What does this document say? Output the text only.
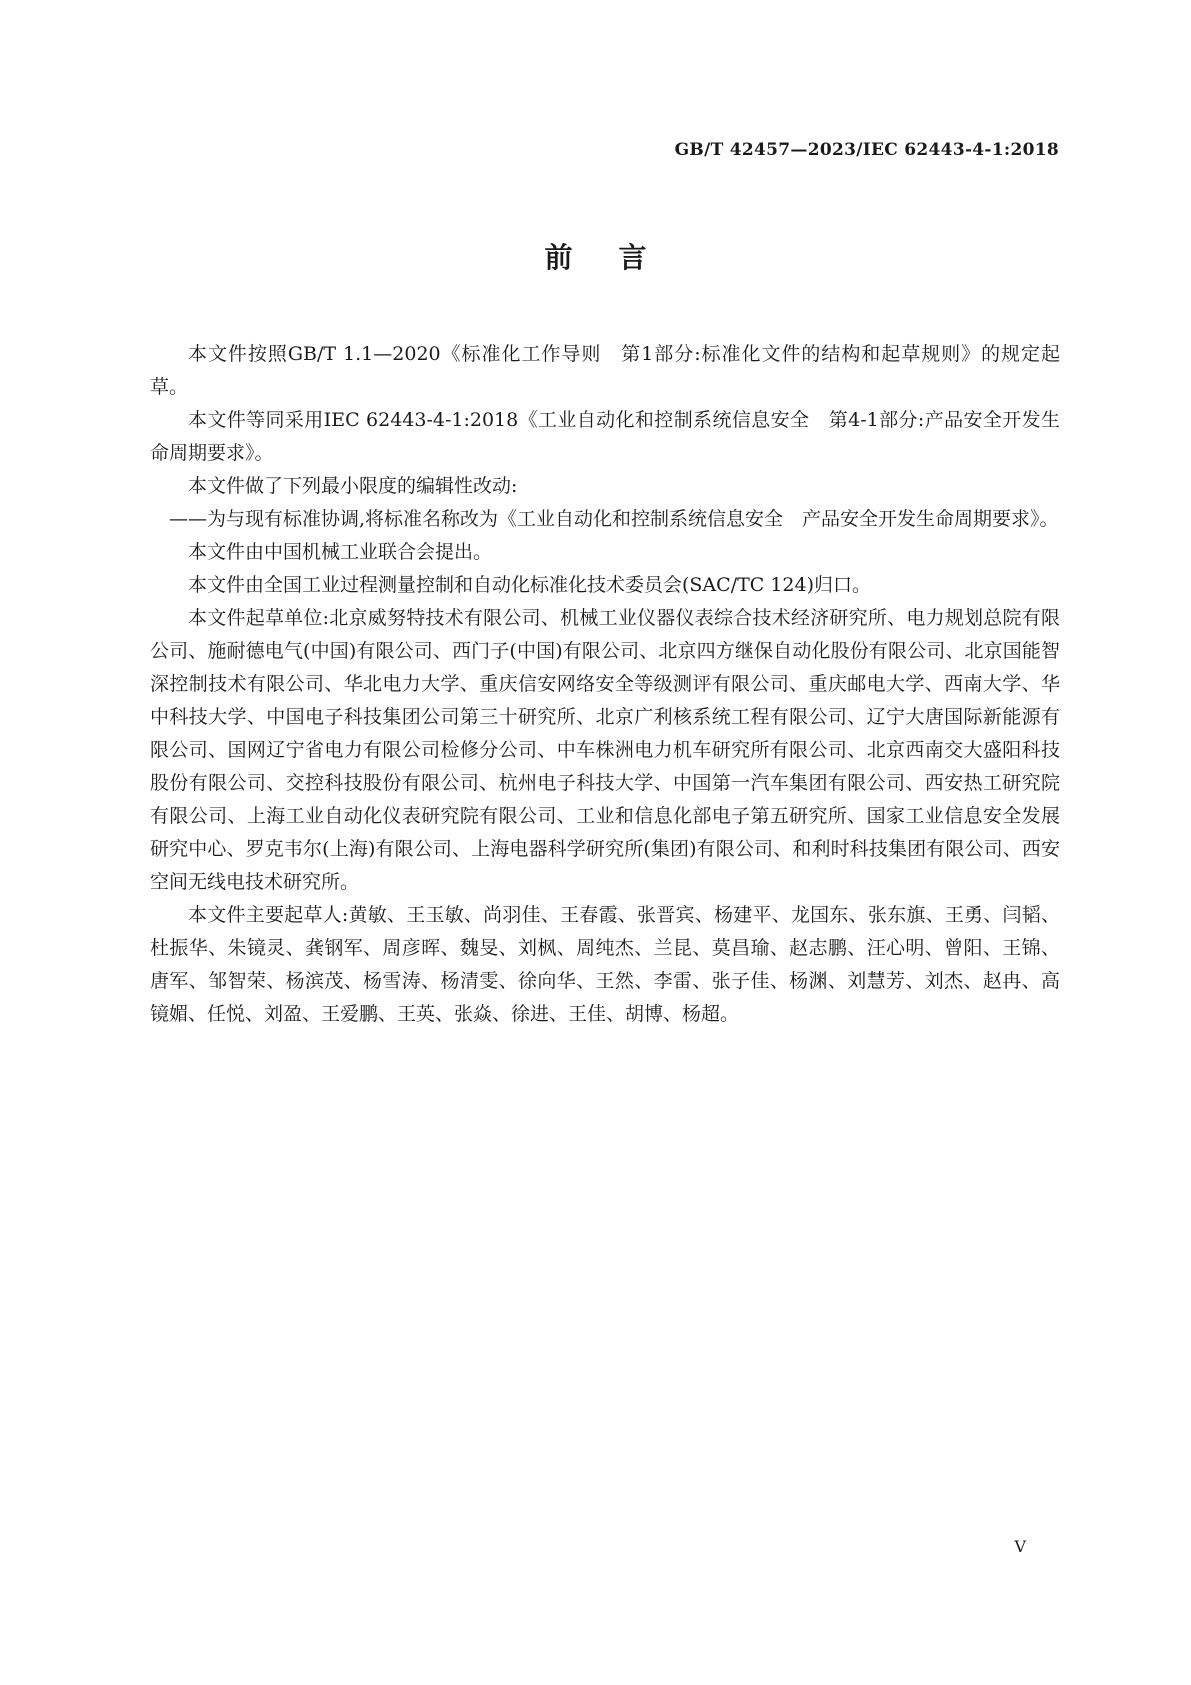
GB/T 42457—2023/IEC 62443-4-1:2018
前言

本文件按照GB/T 1.1—2020《标准化工作导则　第1部分:标准化文件的结构和起草规则》的规定起草。

本文件等同采用IEC 62443-4-1:2018《工业自动化和控制系统信息安全　第4-1部分:产品安全开发生命周期要求》。

本文件做了下列最小限度的编辑性改动:

——为与现有标准协调,将标准名称改为《工业自动化和控制系统信息安全　产品安全开发生命周期要求》。

本文件由中国机械工业联合会提出。

本文件由全国工业过程测量控制和自动化标准化技术委员会(SAC/TC 124)归口。

本文件起草单位:北京威努特技术有限公司、机械工业仪器仪表综合技术经济研究所、电力规划总院有限公司、施耐德电气(中国)有限公司、西门子(中国)有限公司、北京四方继保自动化股份有限公司、北京国能智深控制技术有限公司、华北电力大学、重庆信安网络安全等级测评有限公司、重庆邮电大学、西南大学、华中科技大学、中国电子科技集团公司第三十研究所、北京广利核系统工程有限公司、辽宁大唐国际新能源有限公司、国网辽宁省电力有限公司检修分公司、中车株洲电力机车研究所有限公司、北京西南交大盛阳科技股份有限公司、交控科技股份有限公司、杭州电子科技大学、中国第一汽车集团有限公司、西安热工研究院有限公司、上海工业自动化仪表研究院有限公司、工业和信息化部电子第五研究所、国家工业信息安全发展研究中心、罗克韦尔(上海)有限公司、上海电器科学研究所(集团)有限公司、和利时科技集团有限公司、西安空间无线电技术研究所。

本文件主要起草人:黄敏、王玉敏、尚羽佳、王春霞、张晋宾、杨建平、龙国东、张东旗、王勇、闫韬、杜振华、朱镜灵、龚钢军、周彦晖、魏旻、刘枫、周纯杰、兰昆、莫昌瑜、赵志鹏、汪心明、曾阳、王锦、唐军、邹智荣、杨滨茂、杨雪涛、杨清雯、徐向华、王然、李雷、张子佳、杨渊、刘慧芳、刘杰、赵冉、高镜媚、任悦、刘盈、王爱鹏、王英、张焱、徐进、王佳、胡博、杨超。

V
